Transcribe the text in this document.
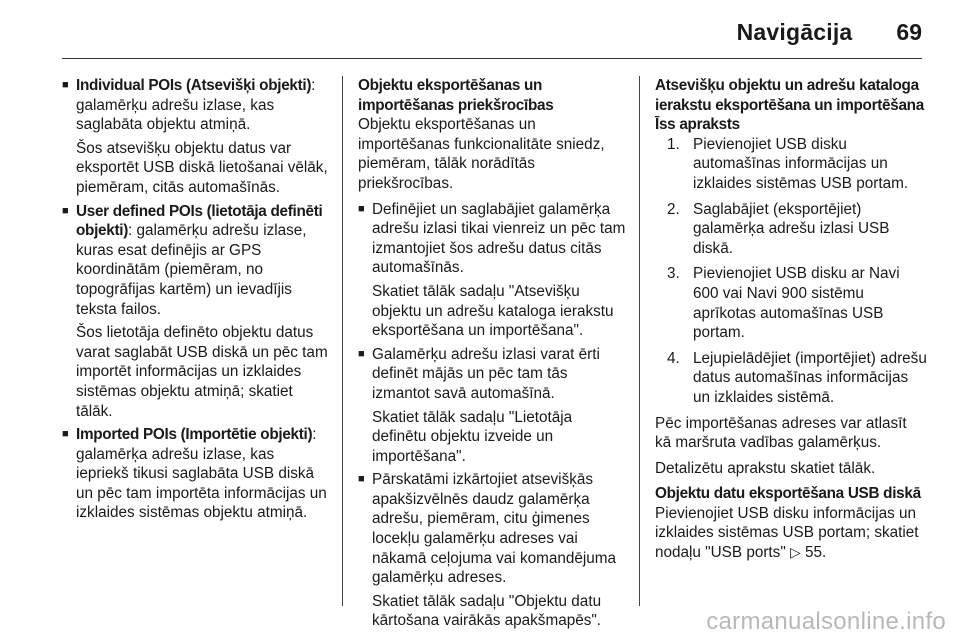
Navigācija 69

■ Individual POIs (Atsevišķi objekti): galamērķu adrešu izlase, kas saglabāta objektu atmiņā.

Šos atsevišķu objektu datus var eksportēt USB diskā lietošanai vēlāk, piemēram, citās automašīnās.

■ User defined POIs (lietotāja definēti objekti): galamērķu adrešu izlase, kuras esat definējis ar GPS koordinātām (piemēram, no topogrāfijas kartēm) un ievadījis teksta failos.

Šos lietotāja definēto objektu datus varat saglabāt USB diskā un pēc tam importēt informācijas un izklaides sistēmas objektu atmiņā; skatiet tālāk.

■ Imported POIs (Importētie objekti): galamērķa adrešu izlase, kas iepriekš tikusi saglabāta USB diskā un pēc tam importēta informācijas un izklaides sistēmas objektu atmiņā.

Objektu eksportēšanas un importēšanas priekšrocības

Objektu eksportēšanas un importēšanas funkcionalitāte sniedz, piemēram, tālāk norādītās priekšrocības.

■ Definējiet un saglabājiet galamērķa adrešu izlasi tikai vienreiz un pēc tam izmantojiet šos adrešu datus citās automašīnās.

Skatiet tālāk sadaļu "Atsevišķu objektu un adrešu kataloga ierakstu eksportēšana un importēšana".

■ Galamērķu adrešu izlasi varat ērti definēt mājās un pēc tam tās izmantot savā automašīnā.

Skatiet tālāk sadaļu "Lietotāja definētu objektu izveide un importēšana".

■ Pārskatāmi izkārtojiet atsevišķās apakšizvēlnēs daudz galamērķa adrešu, piemēram, citu ģimenes locekļu galamērķu adreses vai nākamā ceļojuma vai komandējuma galamērķu adreses.

Skatiet tālāk sadaļu "Objektu datu kārtošana vairākās apakšmapēs".

Atsevišķu objektu un adrešu kataloga ierakstu eksportēšana un importēšana
Īss apraksts
1. Pievienojiet USB disku automašīnas informācijas un izklaides sistēmas USB portam.
2. Saglabājiet (eksportējiet) galamērķa adrešu izlasi USB diskā.
3. Pievienojiet USB disku ar Navi 600 vai Navi 900 sistēmu aprīkotas automašīnas USB portam.
4. Lejupielādējiet (importējiet) adrešu datus automašīnas informācijas un izklaides sistēmā.

Pēc importēšanas adreses var atlasīt kā maršruta vadības galamērķus.

Detalizētu aprakstu skatiet tālāk.

Objektu datu eksportēšana USB diskā

Pievienojiet USB disku informācijas un izklaides sistēmas USB portam; skatiet nodaļu "USB ports" ▷ 55.

carmanualsonline.info
